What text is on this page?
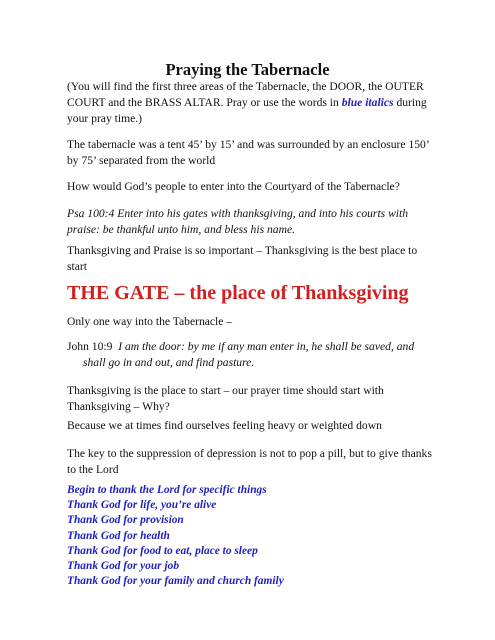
Praying the Tabernacle
(You will find the first three areas of the Tabernacle, the DOOR, the OUTER COURT and the BRASS ALTAR. Pray or use the words in blue italics during your pray time.)
The tabernacle was a tent 45’ by 15’ and was surrounded by an enclosure 150’ by 75’ separated from the world
How would God’s people to enter into the Courtyard of the Tabernacle?
Psa 100:4 Enter into his gates with thanksgiving, and into his courts with praise: be thankful unto him, and bless his name.
Thanksgiving and Praise is so important – Thanksgiving is the best place to start
THE GATE – the place of Thanksgiving
Only one way into the Tabernacle –
John 10:9 I am the door: by me if any man enter in, he shall be saved, and
shall go in and out, and find pasture.
Thanksgiving is the place to start – our prayer time should start with Thanksgiving – Why?
Because we at times find ourselves feeling heavy or weighted down
The key to the suppression of depression is not to pop a pill, but to give thanks to the Lord
Begin to thank the Lord for specific things
Thank God for life, you’re alive
Thank God for provision
Thank God for health
Thank God for food to eat, place to sleep
Thank God for your job
Thank God for your family and church family
